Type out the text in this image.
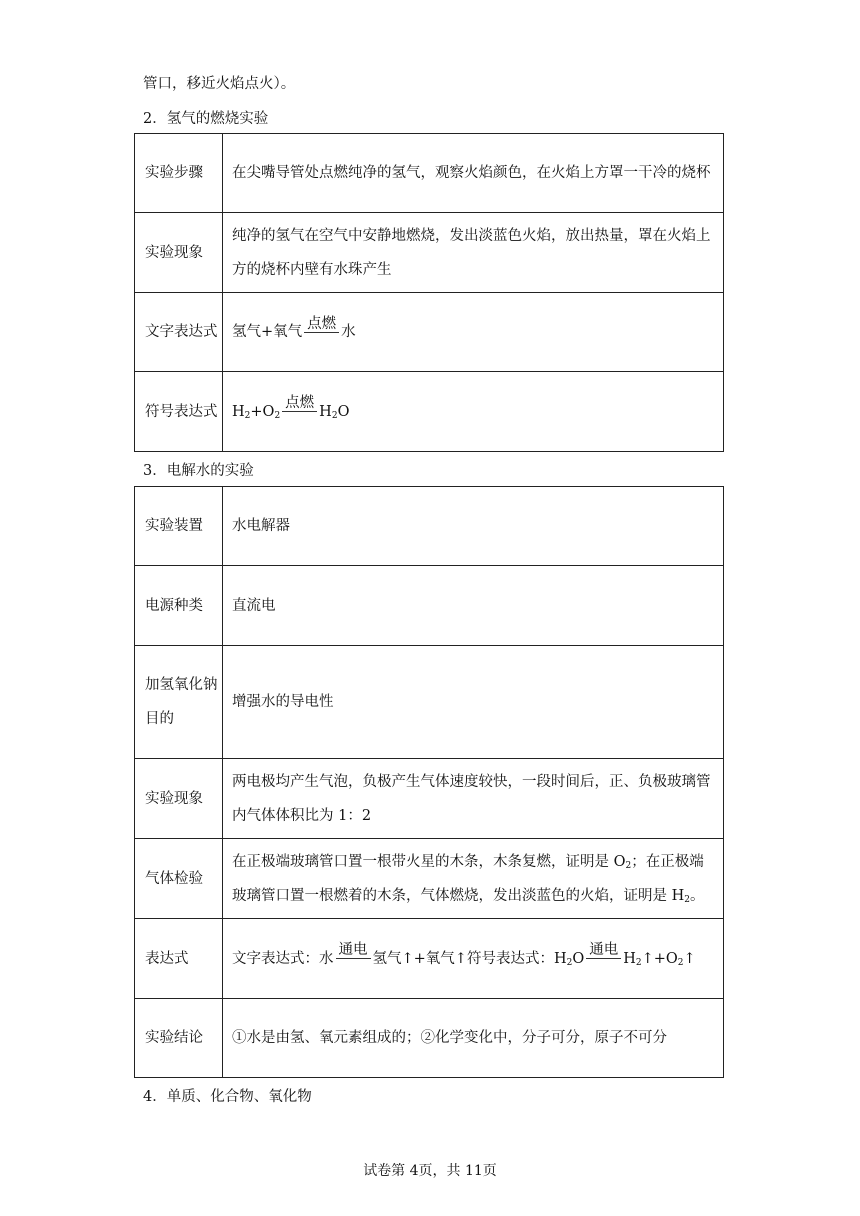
管口，移近火焰点火）。
2．氢气的燃烧实验
实验步骤	在尖嘴导管处点燃纯净的氢气，观察火焰颜色，在火焰上方罩一干冷的烧杯
实验现象	纯净的氢气在空气中安静地燃烧，发出淡蓝色火焰，放出热量，罩在火焰上方的烧杯内壁有水珠产生
文字表达式	氢气+氧气
点燃
水
符号表达式	$H_2+O_2$
点燃
$H_2O$
3．电解水的实验
实验装置	水电解器
电源种类	直流电
加氢氧化钠目的	增强水的导电性
实验现象	两电极均产生气泡，负极产生气体速度较快，一段时间后，正、负极玻璃管内气体体积比为 1：2
气体检验	在正极端玻璃管口置一根带火星的木条，木条复燃，证明是 $O_2$；在正极端玻璃管口置一根燃着的木条，气体燃烧，发出淡蓝色的火焰，证明是 $H_2$。
表达式	文字表达式：水
通电
氢气↑+氧气↑符号表达式：$H_2O$
通电
$H_2↑+O_2↑$
实验结论	①水是由氢、氧元素组成的；②化学变化中，分子可分，原子不可分
4．单质、化合物、氧化物
试卷第 4页，共 11页
